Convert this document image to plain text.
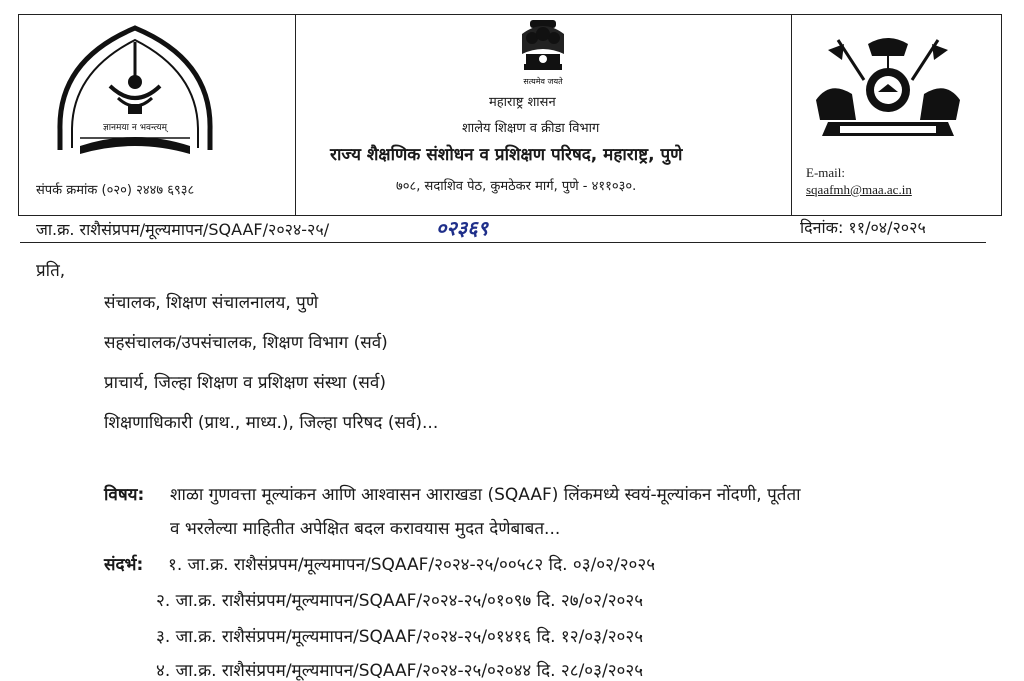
ज्ञानमया न भवन्त्यम्
सत्यमेव जयते
संपर्क क्रमांक (०२०) २४४७ ६९३८
महाराष्ट्र शासन
शालेय शिक्षण व क्रीडा विभाग
राज्य शैक्षणिक संशोधन व प्रशिक्षण परिषद, महाराष्ट्र, पुणे
७०८, सदाशिव पेठ, कुमठेकर मार्ग, पुणे - ४११०३०.
E-mail:
sqaafmh@maa.ac.in
जा.क्र. राशैसंप्रपम/मूल्यमापन/SQAAF/२०२४-२५/	०२३६९	दिनांक: ११/०४/२०२५
प्रति,
संचालक, शिक्षण संचालनालय, पुणे
सहसंचालक/उपसंचालक, शिक्षण विभाग (सर्व)
प्राचार्य, जिल्हा शिक्षण व प्रशिक्षण संस्था (सर्व)
शिक्षणाधिकारी (प्राथ., माध्य.), जिल्हा परिषद (सर्व)...
विषय: शाळा गुणवत्ता मूल्यांकन आणि आश्वासन आराखडा (SQAAF) लिंकमध्ये स्वयं-मूल्यांकन नोंदणी, पूर्तता
व भरलेल्या माहितीत अपेक्षित बदल करावयास मुदत देणेबाबत...
संदर्भ: १. जा.क्र. राशैसंप्रपम/मूल्यमापन/SQAAF/२०२४-२५/००५८२ दि. ०३/०२/२०२५
२. जा.क्र. राशैसंप्रपम/मूल्यमापन/SQAAF/२०२४-२५/०१०९७ दि. २७/०२/२०२५
३. जा.क्र. राशैसंप्रपम/मूल्यमापन/SQAAF/२०२४-२५/०१४१६ दि. १२/०३/२०२५
४. जा.क्र. राशैसंप्रपम/मूल्यमापन/SQAAF/२०२४-२५/०२०४४ दि. २८/०३/२०२५
